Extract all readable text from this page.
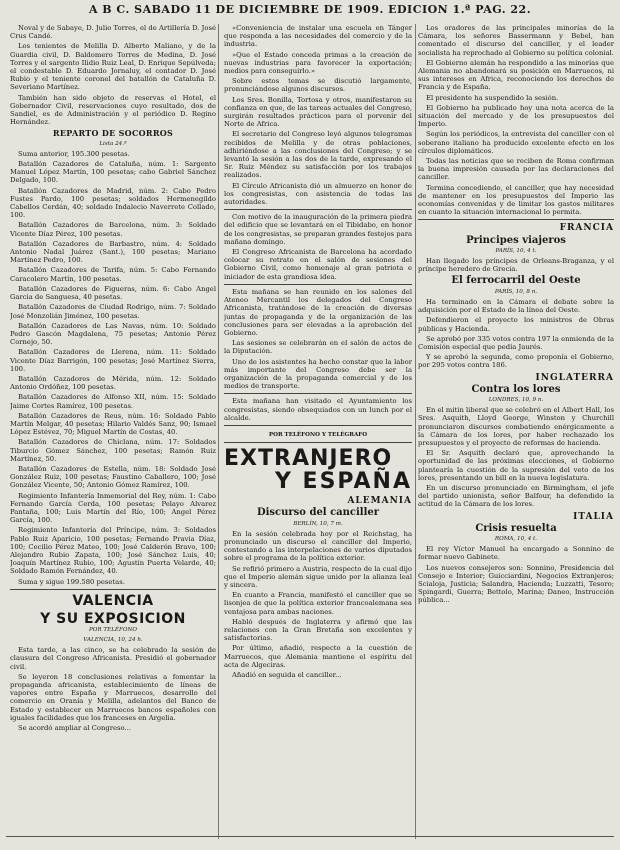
A B C. SABADO 11 DE DICIEMBRE DE 1909. EDICION 1.ª PAG. 22.

Noval y de Sabaye, D. Julio Torres, el de Artillería D. José Crus Candé.

Los tenientes de Melilla D. Alberto Maliano, y de la Guardia civil, D. Baldomero Torres de Medina, D. José Torres y el sargento Ilidio Ruiz Leal, D. Enrique Sepúlveda; el condestable D. Eduardo Jornaluy, el contador D. José Rubio y el teniente coronel del batallón de Cataluña D. Severiano Martínez.

También han sido objeto de reservas el Hotel, el Gobernador Civil, reservaciones cuyo resultado, dos de Sandiel, es de Administración y el periódico D. Regino Hernández.

REPARTO DE SOCORROS
Lista 24.ª

Suma anterior, 195.300 pesetas.

Batallón Cazadores de Cataluña, núm. 1: Sargento Manuel López Martín, 100 pesetas; cabo Gabriel Sánchez Delgado, 100.

Batallón Cazadores de Madrid, núm. 2: Cabo Pedro Fustes Pardo, 100 pesetas; soldados Hermenegildo Cabellos Cerdán, 40; soldado Indalecio Naverrete Collado, 100.

Batallón Cazadores de Barcelona, núm. 3: Soldado Vicente Díaz Pérez, 100 pesetas.

Batallón Cazadores de Barbastro, núm. 4: Soldado Antonio Nadal Juárez (Sant.), 100 pesetas; Mariano Martínez Pedro, 100.

Batallón Cazadores de Tarifa, núm. 5: Cabo Fernando Caracolero Martín, 100 pesetas.

Batallón Cazadores de Figueras, núm. 6: Cabo Angel Garcia de Sanguesa, 40 pesetas.

Batallón Cazadores de Ciudad Rodrigo, núm. 7: Soldado José Monzolián Jiménez, 100 pesetas.

Batallón Cazadores de Las Navas, núm. 10: Soldado Pedro Gascón Magdalena, 75 pesetas; Antonio Pérez Cornejo, 50.

Batallón Cazadores de Llerena, núm. 11: Soldado Vicente Díaz Barrigón, 100 pesetas; José Martínez Sierra, 100.

Batallón Cazadores de Mérida, núm. 12: Soldado Antonio Ordóñez, 100 pesetas.

Batallón Cazadores de Alfonso XII, núm. 15: Soldado Jaime Cortes Ramírez, 100 pesetas.

Batallón Cazadores de Reus, núm. 16: Soldado Pablo Martín Melgar, 40 pesetas; Hilario Valdés Sanz, 90; Ismael López Estévez, 70; Miguel Martín de Costas, 40.

Batallón Cazadores de Chiclana, núm. 17: Soldados Tiburcio Gómez Sánchez, 100 pesetas; Ramón Ruiz Martínez, 50.

Batallón Cazadores de Estella, núm. 18: Soldado José González Ruiz, 100 pesetas; Faustino Caballero, 100; José González Vicente, 50; Antonio Gómez Ramírez, 100.

Regimiento Infantería Inmemorial del Rey, núm. 1: Cabo Fernando García Cerda, 100 pesetas; Pelayo Alvarez Pantaña, 100; Luis Martín del Río, 100; Angel Pérez García, 100.

Regimiento Infantería del Príncipe, núm. 3: Soldados Pablo Ruiz Aparicio, 100 pesetas; Fernando Pravia Díaz, 100; Cecilio Pérez Mateo, 100; José Calderón Bravo, 100; Alejandro Rubio Zapata, 100; José Sánchez Luis, 40; Joaquín Martínez Rubio, 100; Agustín Puerta Velarde, 40; Soldado Ramón Fernández, 40.

Suma y sigue 199.580 pesetas.

VALENCIA
Y SU EXPOSICION
POR TELÉFONO
VALENCIA, 10, 24 h.

Esta tarde, a las cinco, se ha celebrado la sesión de clausura del Congreso Africanista. Presidió el gobernador civil.

Se leyeron 18 conclusiones relativas a fomentar la propaganda africanista, establecimiento de líneas de vapores entre España y Marruecos, desarrollo del comercio en Oranía y Melilla, adelantos del Banco de Estado y establecer en Marruecos bancos españoles con iguales facilidades que los franceses en Argelia.

Se acordó ampliar al Congreso...

«Conveniencia de instalar una escuela en Tánger que responda a las necesidades del comercio y de la industria.

»Que el Estado conceda primas a la creación de nuevas industrias para favorecer la exportación; medios para conseguirlo.»

Sobre estos temas se discutió largamente, pronunciándose algunos discursos.

Los Sres. Bonilla, Tortosa y otros, manifestaron su confianza en que, de las tareas actuales del Congreso, surgirán resultados prácticos para el porvenir del Norte de Africa.

El secretario del Congreso leyó algunos telegramas recibidos de Melilla y de otras poblaciones, adhiriéndose a las conclusiones del Congreso; y se levantó la sesión a las dos de la tarde, expresando el Sr. Ruiz Méndez su satisfacción por los trabajos realizados.

El Círculo Africanista dió un almuerzo en honor de los congresistas, con asistencia de todas las autoridades.

Con motivo de la inauguración de la primera piedra del edificio que se levantará en el Tibidabo, en honor de los congresistas, se preparan grandes festejos para mañana domingo.

El Congreso Africanista de Barcelona ha acordado colocar su retrato en el salón de sesiones del Gobierno Civil, como homenaje al gran patriota e iniciador de esta grandiosa idea.

Esta mañana se han reunido en los salones del Ateneo Mercantil los delegados del Congreso Africanista, tratándose de la creación de diversas juntas de propaganda y de la organización de las conclusiones para ser elevadas a la aprobación del Gobierno.

Las sesiones se celebrarán en el salón de actos de la Diputación.

Uno de los asistentes ha hecho constar que la labor más importante del Congreso debe ser la organización de la propaganda comercial y de los medios de transporte.

Esta mañana han visitado el Ayuntamiento los congresistas, siendo obsequiados con un lunch por el alcalde.

POR TELÉFONO Y TELÉGRAFO
EXTRANJERO
Y ESPAÑA
ALEMANIA
Discurso del canciller
BERLÍN, 10, 7 m.

En la sesión celebrada hoy por el Reichstag, ha pronunciado un discurso el canciller del Imperio, contestando a las interpelaciones de varios diputados sobre el programa de la política exterior.

Se refirió primero a Austria, respecto de la cual dijo que el Imperio alemán sigue unido por la alianza leal y sincera.

En cuanto a Francia, manifestó el canciller que se lisonjea de que la política exterior francoalemana sea ventajosa para ambas naciones.

Habló después de Inglaterra y afirmó que las relaciones con la Gran Bretaña son excelentes y satisfactorias.

Por último, añadió, respecto a la cuestión de Marruecos, que Alemania mantiene el espíritu del acta de Algeciras.

Añadió en seguida el canciller...

Los oradores de las principales minorías de la Cámara, los señores Bassermann y Bebel, han comentado el discurso del canciller, y el leader socialista ha reprochado al Gobierno su política colonial.

El Gobierno alemán ha respondido a las minorías que Alemania no abandonará su posición en Marruecos, ni sus intereses en Africa, reconociendo los derechos de Francia y de España.

El presidente ha suspendido la sesión.

El Gobierno ha publicado hoy una nota acerca de la situación del mercado y de los presupuestos del Imperio.

Según los periódicos, la entrevista del canciller con el soberano italiano ha producido excelente efecto en los círculos diplomáticos.

Todas las noticias que se reciben de Roma confirman la buena impresión causada por las declaraciones del canciller.

Termina concediendo, el canciller, que hay necesidad de mantener en los presupuestos del Imperio las economías convenidas y de limitar los gastos militares en cuanto la situación internacional lo permita.

FRANCIA
Principes viajeros
PARÍS, 10, 4 t.

Han llegado los príncipes de Orleans-Braganza, y el príncipe heredero de Grecia.

El ferrocarril del Oeste
PARÍS, 10, 8 n.

Ha terminado en la Cámara el debate sobre la adquisición por el Estado de la línea del Oeste.

Defendieron el proyecto los ministros de Obras públicas y Hacienda.

Se aprobó por 335 votos contra 197 la enmienda de la Comisión especial que pedía Jaurés.

Y se aprobó la segunda, como proponía el Gobierno, por 295 votos contra 186.

INGLATERRA
Contra los lores
LONDRES, 10, 9 n.

En el mitin liberal que se celebró en el Albert Hall, los Sres. Asquith, Lloyd George, Winston y Churchill pronunciaron discursos combatiendo enérgicamente a la Cámara de los lores, por haber rechazado los presupuestos y el proyecto de reformas de hacienda.

El Sr. Asquith declaró que, aprovechando la oportunidad de las próximas elecciones, el Gobierno plantearía la cuestión de la supresión del veto de los lores, presentando un bill en la nueva legislatura.

En un discurso pronunciado en Birmingham, el jefe del partido unionista, señor Balfour, ha defendido la actitud de la Cámara de los lores.

ITALIA
Crisis resuelta
ROMA, 10, 4 t.

El rey Víctor Manuel ha encargado a Sonnino de formar nuevo Gabinete.

Los nuevos consejeros son: Sonnino, Presidencia del Consejo e Interior; Guicciardini, Negocios Extranjeros; Scialoja, Justicia; Salandra, Hacienda; Luzzatti, Tesoro; Spingardi, Guerra; Bettolo, Marina; Daneo, Instrucción pública...
